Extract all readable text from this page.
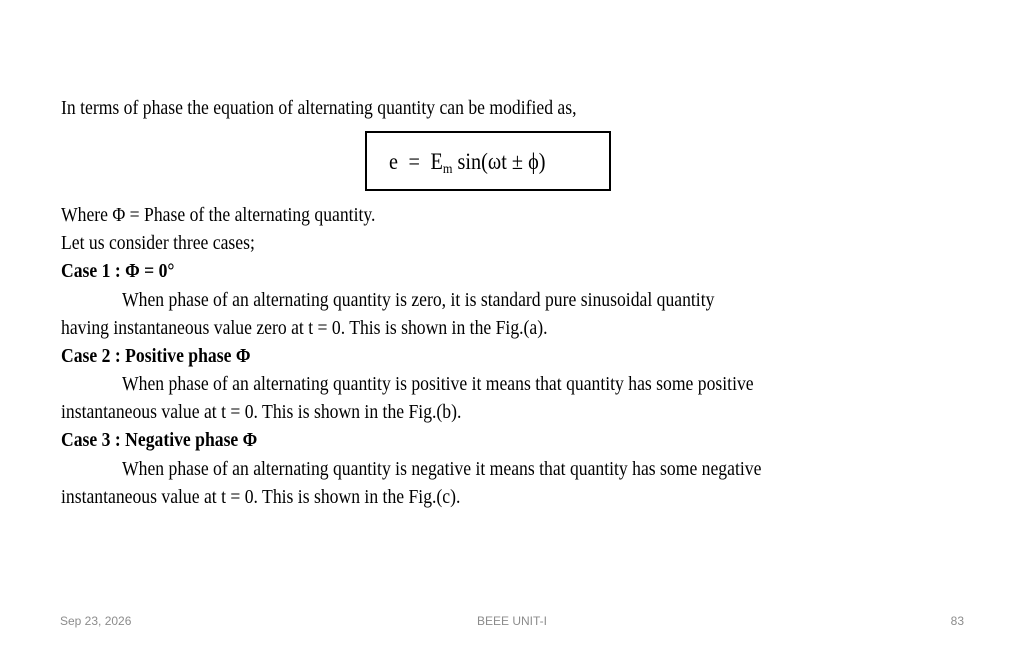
In terms of phase the equation of alternating quantity can be modified as,
$e = E_m$ sin(ωt ± ϕ)
Where Φ = Phase of the alternating quantity.
Let us consider three cases;
Case 1 : Φ = 0°
When phase of an alternating quantity is zero, it is standard pure sinusoidal quantity
having instantaneous value zero at t = 0. This is shown in the Fig.(a).
Case 2 : Positive phase Φ
When phase of an alternating quantity is positive it means that quantity has some positive
instantaneous value at t = 0. This is shown in the Fig.(b).
Case 3 : Negative phase Φ
When phase of an alternating quantity is negative it means that quantity has some negative
instantaneous value at t = 0. This is shown in the Fig.(c).
Sep 23, 2026	BEEE UNIT-I	83
